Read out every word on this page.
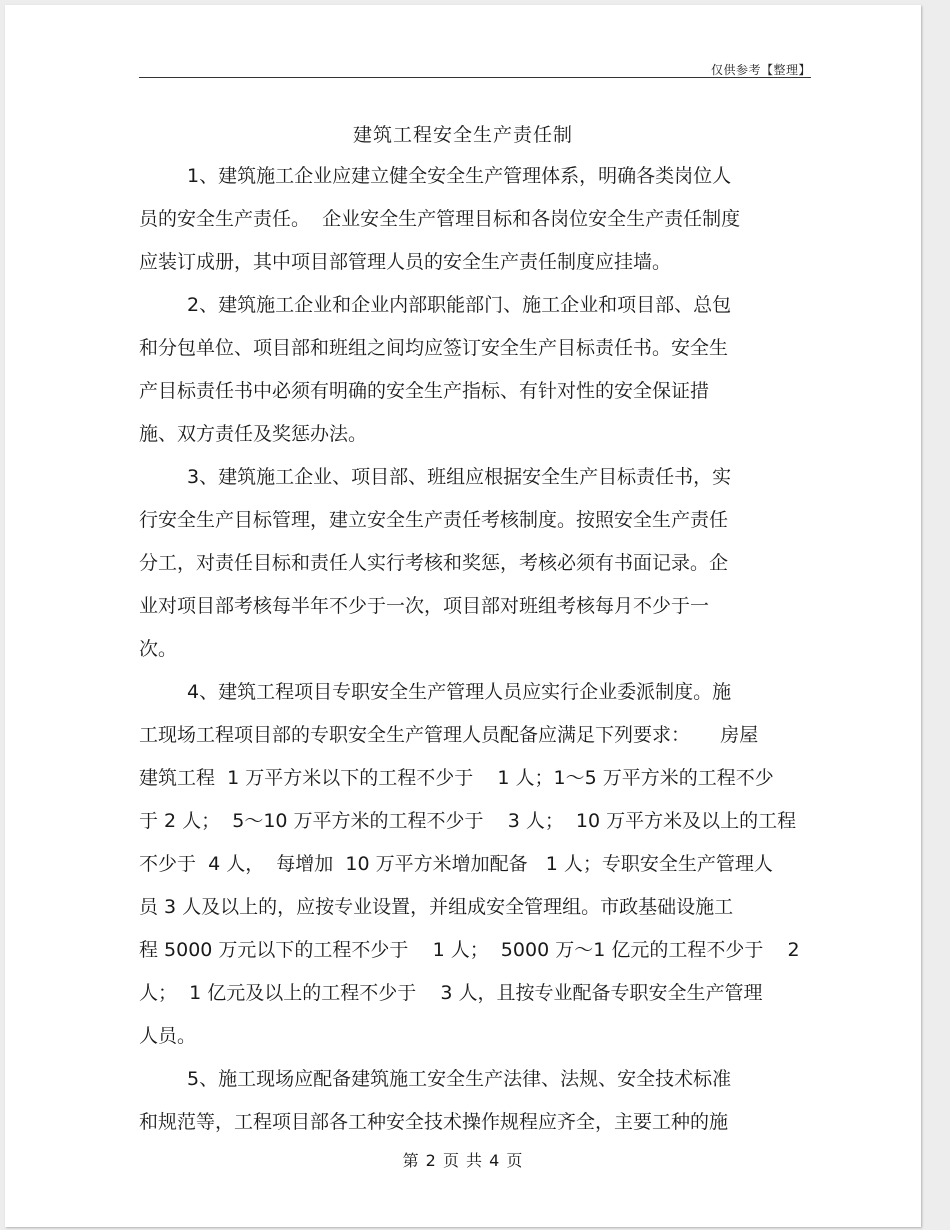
仅供参考【整理】
建筑工程安全生产责任制

1、建筑施工企业应建立健全安全生产管理体系，明确各类岗位人
员的安全生产责任。  企业安全生产管理目标和各岗位安全生产责任制度
应装订成册，其中项目部管理人员的安全生产责任制度应挂墙。

2、建筑施工企业和企业内部职能部门、施工企业和项目部、总包
和分包单位、项目部和班组之间均应签订安全生产目标责任书。安全生
产目标责任书中必须有明确的安全生产指标、有针对性的安全保证措
施、双方责任及奖惩办法。

3、建筑施工企业、项目部、班组应根据安全生产目标责任书，实
行安全生产目标管理，建立安全生产责任考核制度。按照安全生产责任
分工，对责任目标和责任人实行考核和奖惩，考核必须有书面记录。企
业对项目部考核每半年不少于一次，项目部对班组考核每月不少于一
次。

4、建筑工程项目专职安全生产管理人员应实行企业委派制度。施
工现场工程项目部的专职安全生产管理人员配备应满足下列要求：     房屋
建筑工程  1 万平方米以下的工程不少于    1 人；1～5 万平方米的工程不少
于 2 人；  5～10 万平方米的工程不少于    3 人；  10 万平方米及以上的工程
不少于  4 人，  每增加  10 万平方米增加配备   1 人；专职安全生产管理人
员 3 人及以上的，应按专业设置，并组成安全管理组。市政基础设施工
程 5000 万元以下的工程不少于    1 人；  5000 万～1 亿元的工程不少于    2
人；  1 亿元及以上的工程不少于    3 人，且按专业配备专职安全生产管理
人员。

5、施工现场应配备建筑施工安全生产法律、法规、安全技术标准
和规范等，工程项目部各工种安全技术操作规程应齐全，主要工种的施

第 2 页 共 4 页
